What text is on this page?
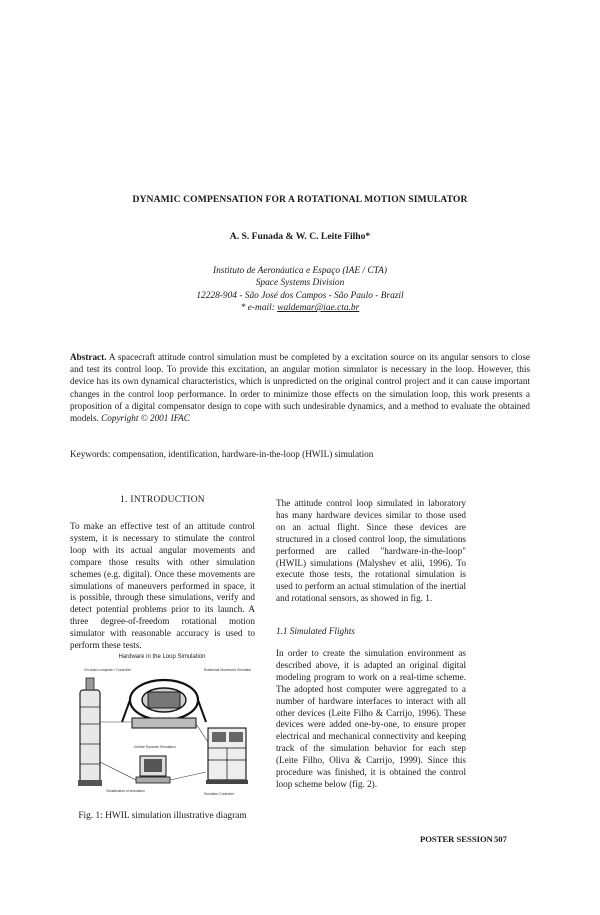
DYNAMIC COMPENSATION FOR A ROTATIONAL MOTION SIMULATOR
A. S. Funada & W. C. Leite Filho*
Instituto de Aeronáutica e Espaço (IAE / CTA)
Space Systems Division
12228-904 - São José dos Campos - São Paulo - Brazil
* e-mail: waldemar@iae.cta.br
Abstract. A spacecraft attitude control simulation must be completed by a excitation source on its angular sensors to close and test its control loop. To provide this excitation, an angular motion simulator is necessary in the loop. However, this device has its own dynamical characteristics, which is unpredicted on the original control project and it can cause important changes in the control loop performance. In order to minimize those effects on the simulation loop, this work presents a proposition of a digital compensator design to cope with such undesirable dynamics, and a method to evaluate the obtained models. Copyright © 2001 IFAC
Keywords: compensation, identification, hardware-in-the-loop (HWIL) simulation
1. INTRODUCTION
To make an effective test of an attitude control system, it is necessary to stimulate the control loop with its actual angular movements and compare those results with other simulation schemes (e.g. digital). Once these movements are simulations of maneuvers performed in space, it is possible, through these simulations, verify and detect potential problems prior to its launch. A three degree-of-freedom rotational motion simulator with reasonable accuracy is used to perform these tests.
Hardware in the Loop Simulation
On-board computer / Controller	Rotational Movement Simulator
Vehicle Dynamic Simulation
Visualization of simulation
Simulator Controller
Fig. 1: HWIL simulation illustrative diagram
The attitude control loop simulated in laboratory has many hardware devices similar to those used on an actual flight. Since these devices are structured in a closed control loop, the simulations performed are called "hardware-in-the-loop" (HWIL) simulations (Malyshev et alii, 1996). To execute those tests, the rotational simulation is used to perform an actual stimulation of the inertial and rotational sensors, as showed in fig. 1.
1.1 Simulated Flights
In order to create the simulation environment as described above, it is adapted an original digital modeling program to work on a real-time scheme. The adopted host computer were aggregated to a number of hardware interfaces to interact with all other devices (Leite Filho & Carrijo, 1996). These devices were added one-by-one, to ensure proper electrical and mechanical connectivity and keeping track of the simulation behavior for each step (Leite Filho, Oliva & Carrijo, 1999). Since this procedure was finished, it is obtained the control loop scheme below (fig. 2).
POSTER SESSION 507
